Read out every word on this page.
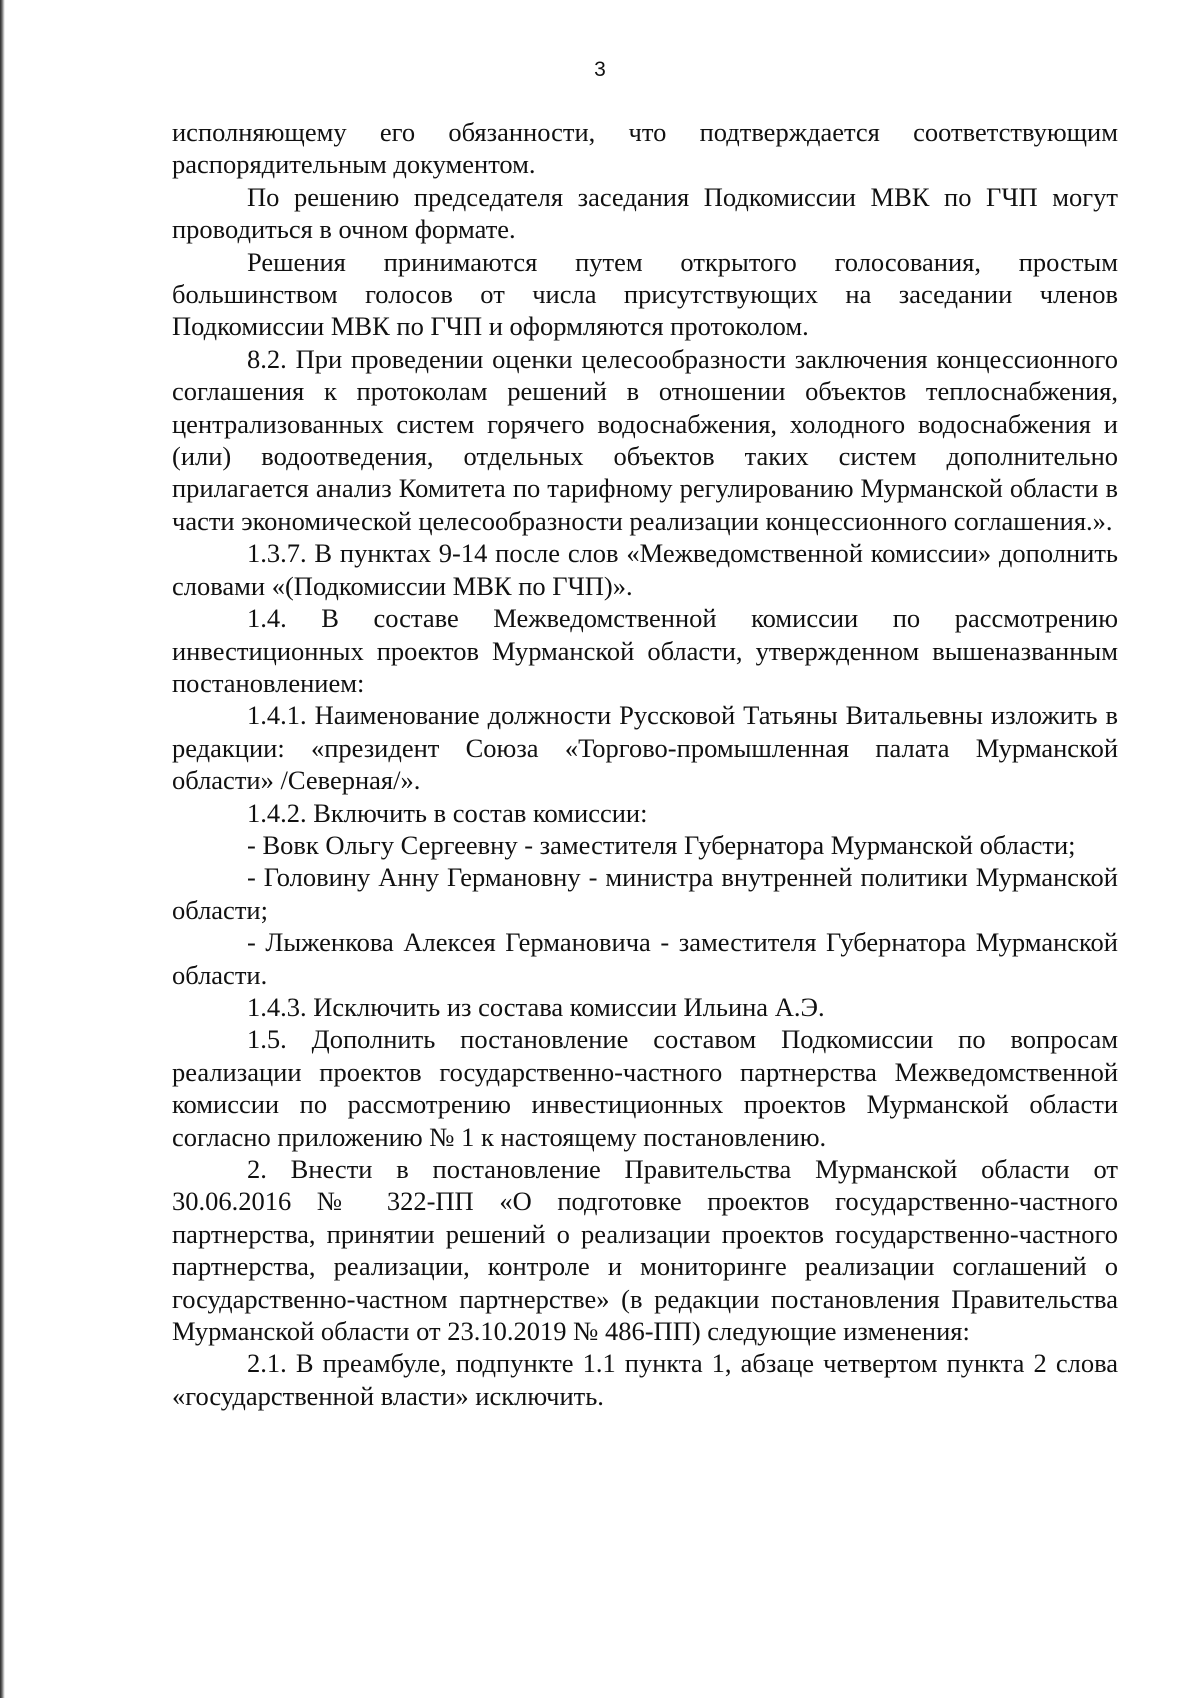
3

исполняющему его обязанности, что подтверждается соответствующим распорядительным документом.

По решению председателя заседания Подкомиссии МВК по ГЧП могут проводиться в очном формате.

Решения принимаются путем открытого голосования, простым большинством голосов от числа присутствующих на заседании членов Подкомиссии МВК по ГЧП и оформляются протоколом.

8.2. При проведении оценки целесообразности заключения концессионного соглашения к протоколам решений в отношении объектов теплоснабжения, централизованных систем горячего водоснабжения, холодного водоснабжения и (или) водоотведения, отдельных объектов таких систем дополнительно прилагается анализ Комитета по тарифному регулированию Мурманской области в части экономической целесообразности реализации концессионного соглашения.».

1.3.7. В пунктах 9-14 после слов «Межведомственной комиссии» дополнить словами «(Подкомиссии МВК по ГЧП)».

1.4. В составе Межведомственной комиссии по рассмотрению инвестиционных проектов Мурманской области, утвержденном вышеназванным постановлением:

1.4.1. Наименование должности Руссковой Татьяны Витальевны изложить в редакции: «президент Союза «Торгово-промышленная палата Мурманской области» /Северная/».

1.4.2. Включить в состав комиссии:

- Вовк Ольгу Сергеевну - заместителя Губернатора Мурманской области;

- Головину Анну Германовну - министра внутренней политики Мурманской области;

- Лыженкова Алексея Германовича - заместителя Губернатора Мурманской области.

1.4.3. Исключить из состава комиссии Ильина А.Э.

1.5. Дополнить постановление составом Подкомиссии по вопросам реализации проектов государственно-частного партнерства Межведомственной комиссии по рассмотрению инвестиционных проектов Мурманской области согласно приложению № 1 к настоящему постановлению.

2. Внести в постановление Правительства Мурманской области от 30.06.2016 № 322-ПП «О подготовке проектов государственно-частного партнерства, принятии решений о реализации проектов государственно-частного партнерства, реализации, контроле и мониторинге реализации соглашений о государственно-частном партнерстве» (в редакции постановления Правительства Мурманской области от 23.10.2019 № 486-ПП) следующие изменения:

2.1. В преамбуле, подпункте 1.1 пункта 1, абзаце четвертом пункта 2 слова «государственной власти» исключить.
